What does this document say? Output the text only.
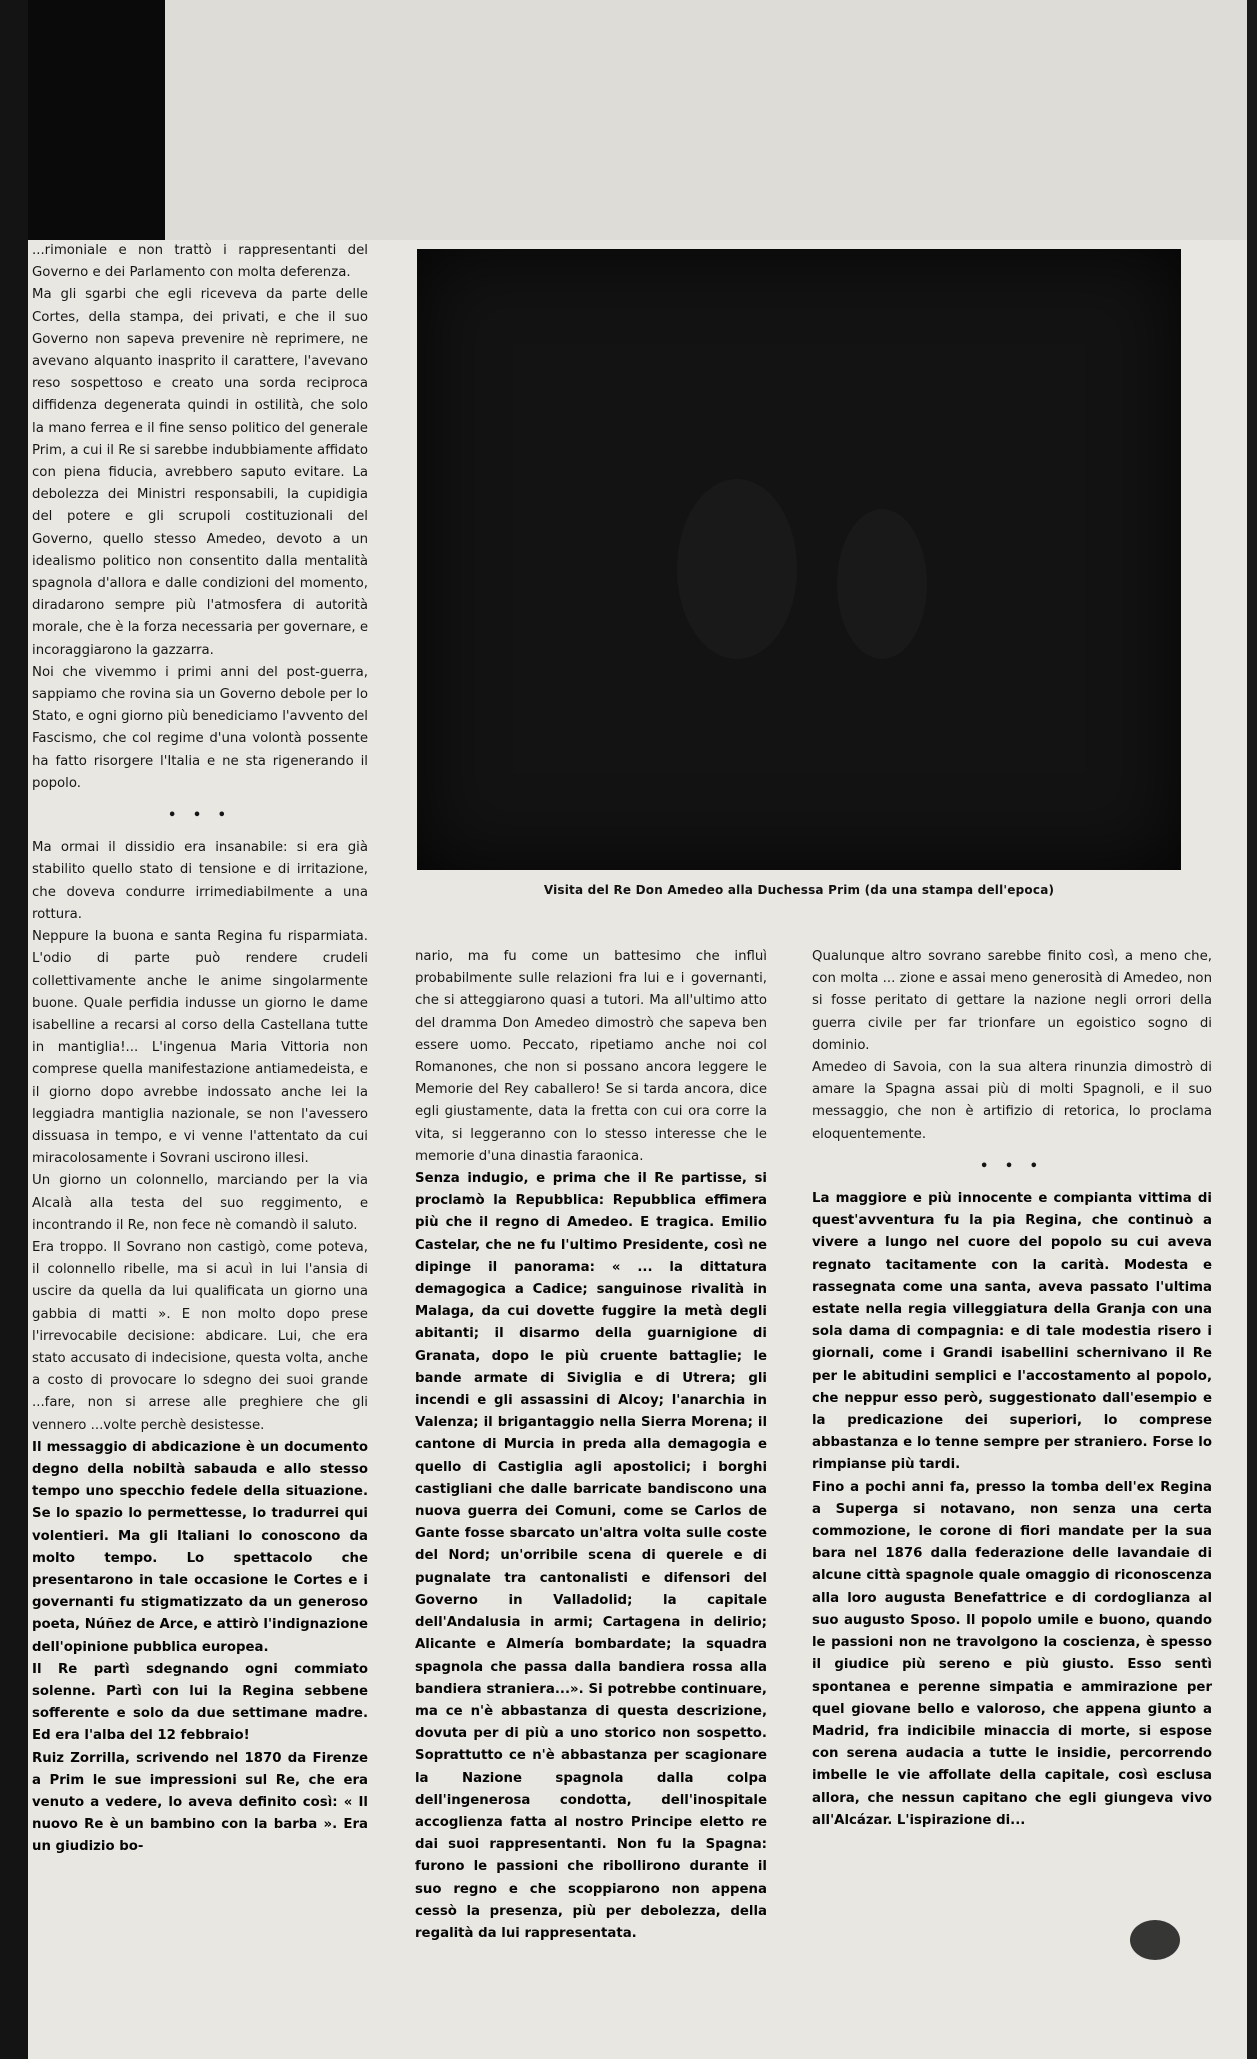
...rimoniale e non trattò i rappresentanti del Governo e dei Parlamento con molta deferenza.

Ma gli sgarbi che egli riceveva da parte delle Cortes, della stampa, dei privati, e che il suo Governo non sapeva prevenire nè reprimere, ne avevano alquanto inasprito il carattere, l'avevano reso sospettoso e creato una sorda reciproca diffidenza degenerata quindi in ostilità, che solo la mano ferrea e il fine senso politico del generale Prim, a cui il Re si sarebbe indubbiamente affidato con piena fiducia, avrebbero saputo evitare. La debolezza dei Ministri responsabili, la cupidigia del potere e gli scrupoli costituzionali del Governo, quello stesso Amedeo, devoto a un idealismo politico non consentito dalla mentalità spagnola d'allora e dalle condizioni del momento, diradarono sempre più l'atmosfera di autorità morale, che è la forza necessaria per governare, e incoraggiarono la gazzarra.

Noi che vivemmo i primi anni del post-guerra, sappiamo che rovina sia un Governo debole per lo Stato, e ogni giorno più benediciamo l'avvento del Fascismo, che col regime d'una volontà possente ha fatto risorgere l'Italia e ne sta rigenerando il popolo.

• • •

Ma ormai il dissidio era insanabile: si era già stabilito quello stato di tensione e di irritazione, che doveva condurre irrimediabilmente a una rottura.

Neppure la buona e santa Regina fu risparmiata. L'odio di parte può rendere crudeli collettivamente anche le anime singolarmente buone. Quale perfidia indusse un giorno le dame isabelline a recarsi al corso della Castellana tutte in mantiglia!... L'ingenua Maria Vittoria non comprese quella manifestazione antiamedeista, e il giorno dopo avrebbe indossato anche lei la leggiadra mantiglia nazionale, se non l'avessero dissuasa in tempo, e vi venne l'attentato da cui miracolosamente i Sovrani uscirono illesi.

Un giorno un colonnello, marciando per la via Alcalà alla testa del suo reggimento, e incontrando il Re, non fece nè comandò il saluto.

Era troppo. Il Sovrano non castigò, come poteva, il colonnello ribelle, ma si acuì in lui l'ansia di uscire da quella da lui qualificata un giorno una gabbia di matti ». E non molto dopo prese l'irrevocabile decisione: abdicare. Lui, che era stato accusato di indecisione, questa volta, anche a costo di provocare lo sdegno dei suoi grande ...fare, non si arrese alle preghiere che gli vennero ...volte perchè desistesse.

Il messaggio di abdicazione è un documento degno della nobiltà sabauda e allo stesso tempo uno specchio fedele della situazione. Se lo spazio lo permettesse, lo tradurrei qui volentieri. Ma gli Italiani lo conoscono da molto tempo. Lo spettacolo che presentarono in tale occasione le Cortes e i governanti fu stigmatizzato da un generoso poeta, Núñez de Arce, e attirò l'indignazione dell'opinione pubblica europea.

Il Re partì sdegnando ogni commiato solenne. Partì con lui la Regina sebbene sofferente e solo da due settimane madre. Ed era l'alba del 12 febbraio!

Ruiz Zorrilla, scrivendo nel 1870 da Firenze a Prim le sue impressioni sul Re, che era venuto a vedere, lo aveva definito così: « Il nuovo Re è un bambino con la barba ». Era un giudizio bo-

Visita del Re Don Amedeo alla Duchessa Prim (da una stampa dell'epoca)

nario, ma fu come un battesimo che influì probabilmente sulle relazioni fra lui e i governanti, che si atteggiarono quasi a tutori. Ma all'ultimo atto del dramma Don Amedeo dimostrò che sapeva ben essere uomo. Peccato, ripetiamo anche noi col Romanones, che non si possano ancora leggere le Memorie del Rey caballero! Se si tarda ancora, dice egli giustamente, data la fretta con cui ora corre la vita, si leggeranno con lo stesso interesse che le memorie d'una dinastia faraonica.

Senza indugio, e prima che il Re partisse, si proclamò la Repubblica: Repubblica effimera più che il regno di Amedeo. E tragica. Emilio Castelar, che ne fu l'ultimo Presidente, così ne dipinge il panorama: « ... la dittatura demagogica a Cadice; sanguinose rivalità in Malaga, da cui dovette fuggire la metà degli abitanti; il disarmo della guarnigione di Granata, dopo le più cruente battaglie; le bande armate di Siviglia e di Utrera; gli incendi e gli assassini di Alcoy; l'anarchia in Valenza; il brigantaggio nella Sierra Morena; il cantone di Murcia in preda alla demagogia e quello di Castiglia agli apostolici; i borghi castigliani che dalle barricate bandiscono una nuova guerra dei Comuni, come se Carlos de Gante fosse sbarcato un'altra volta sulle coste del Nord; un'orribile scena di querele e di pugnalate tra cantonalisti e difensori del Governo in Valladolid; la capitale dell'Andalusia in armi; Cartagena in delirio; Alicante e Almería bombardate; la squadra spagnola che passa dalla bandiera rossa alla bandiera straniera...». Si potrebbe continuare, ma ce n'è abbastanza di questa descrizione, dovuta per di più a uno storico non sospetto. Soprattutto ce n'è abbastanza per scagionare la Nazione spagnola dalla colpa dell'ingenerosa condotta, dell'inospitale accoglienza fatta al nostro Principe eletto re dai suoi rappresentanti. Non fu la Spagna: furono le passioni che ribollirono durante il suo regno e che scoppiarono non appena cessò la presenza, più per debolezza, della regalità da lui rappresentata.

Qualunque altro sovrano sarebbe finito così, a meno che, con molta ... zione e assai meno generosità di Amedeo, non si fosse peritato di gettare la nazione negli orrori della guerra civile per far trionfare un egoistico sogno di dominio.

Amedeo di Savoia, con la sua altera rinunzia dimostrò di amare la Spagna assai più di molti Spagnoli, e il suo messaggio, che non è artifizio di retorica, lo proclama eloquentemente.

• • •

La maggiore e più innocente e compianta vittima di quest'avventura fu la pia Regina, che continuò a vivere a lungo nel cuore del popolo su cui aveva regnato tacitamente con la carità. Modesta e rassegnata come una santa, aveva passato l'ultima estate nella regia villeggiatura della Granja con una sola dama di compagnia: e di tale modestia risero i giornali, come i Grandi isabellini schernivano il Re per le abitudini semplici e l'accostamento al popolo, che neppur esso però, suggestionato dall'esempio e la predicazione dei superiori, lo comprese abbastanza e lo tenne sempre per straniero. Forse lo rimpianse più tardi.

Fino a pochi anni fa, presso la tomba dell'ex Regina a Superga si notavano, non senza una certa commozione, le corone di fiori mandate per la sua bara nel 1876 dalla federazione delle lavandaie di alcune città spagnole quale omaggio di riconoscenza alla loro augusta Benefattrice e di cordoglianza al suo augusto Sposo. Il popolo umile e buono, quando le passioni non ne travolgono la coscienza, è spesso il giudice più sereno e più giusto. Esso sentì spontanea e perenne simpatia e ammirazione per quel giovane bello e valoroso, che appena giunto a Madrid, fra indicibile minaccia di morte, si espose con serena audacia a tutte le insidie, percorrendo imbelle le vie affollate della capitale, così esclusa allora, che nessun capitano che egli giungeva vivo all'Alcázar. L'ispirazione di...
